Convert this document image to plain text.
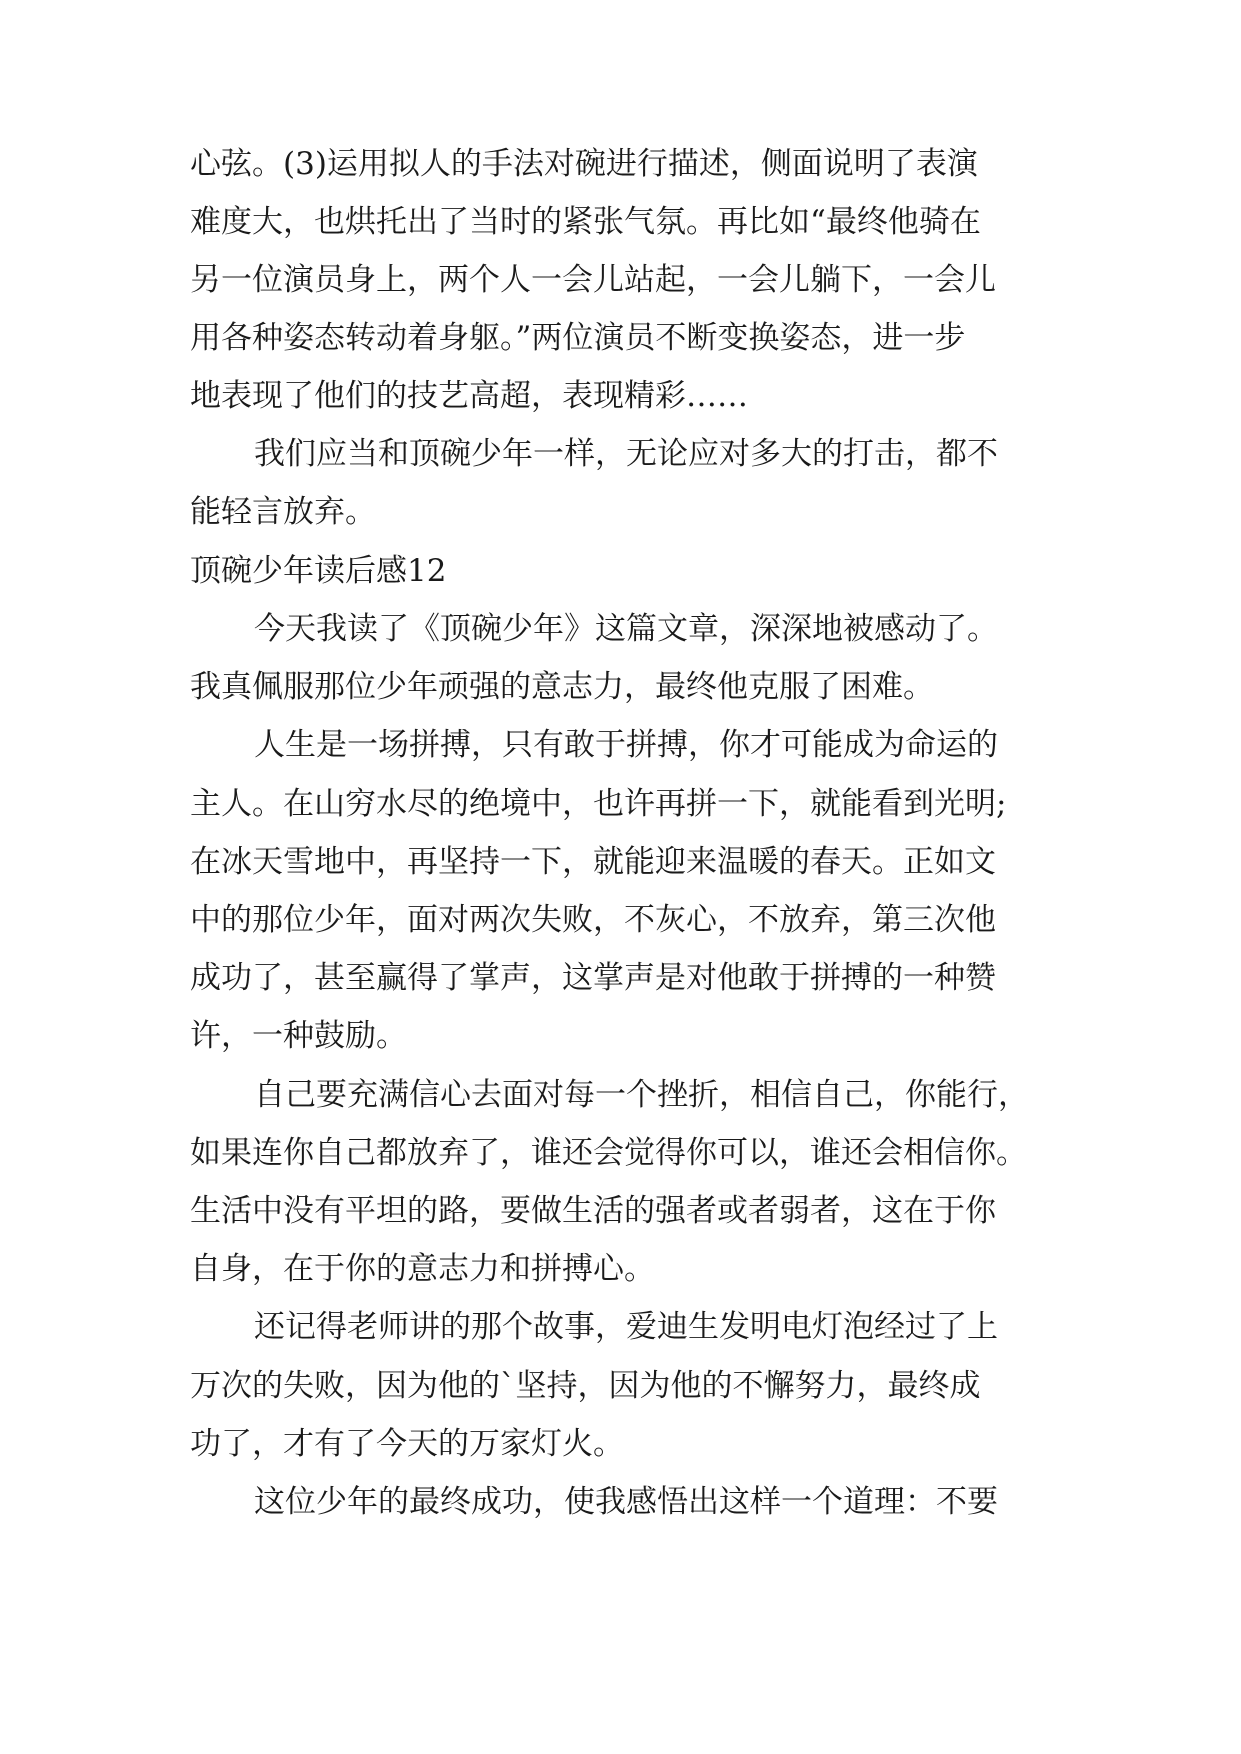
心弦。(3)运用拟人的手法对碗进行描述，侧面说明了表演
难度大，也烘托出了当时的紧张气氛。再比如“最终他骑在
另一位演员身上，两个人一会儿站起，一会儿躺下，一会儿
用各种姿态转动着身躯。”两位演员不断变换姿态，进一步
地表现了他们的技艺高超，表现精彩……
我们应当和顶碗少年一样，无论应对多大的打击，都不
能轻言放弃。
顶碗少年读后感12
今天我读了《顶碗少年》这篇文章，深深地被感动了。
我真佩服那位少年顽强的意志力，最终他克服了困难。
人生是一场拼搏，只有敢于拼搏，你才可能成为命运的
主人。在山穷水尽的绝境中，也许再拼一下，就能看到光明;
在冰天雪地中，再坚持一下，就能迎来温暖的春天。正如文
中的那位少年，面对两次失败，不灰心，不放弃，第三次他
成功了，甚至赢得了掌声，这掌声是对他敢于拼搏的一种赞
许，一种鼓励。
自己要充满信心去面对每一个挫折，相信自己，你能行，
如果连你自己都放弃了，谁还会觉得你可以，谁还会相信你。
生活中没有平坦的路，要做生活的强者或者弱者，这在于你
自身，在于你的意志力和拼搏心。
还记得老师讲的那个故事，爱迪生发明电灯泡经过了上
万次的失败，因为他的`坚持，因为他的不懈努力，最终成
功了，才有了今天的万家灯火。
这位少年的最终成功，使我感悟出这样一个道理：不要
